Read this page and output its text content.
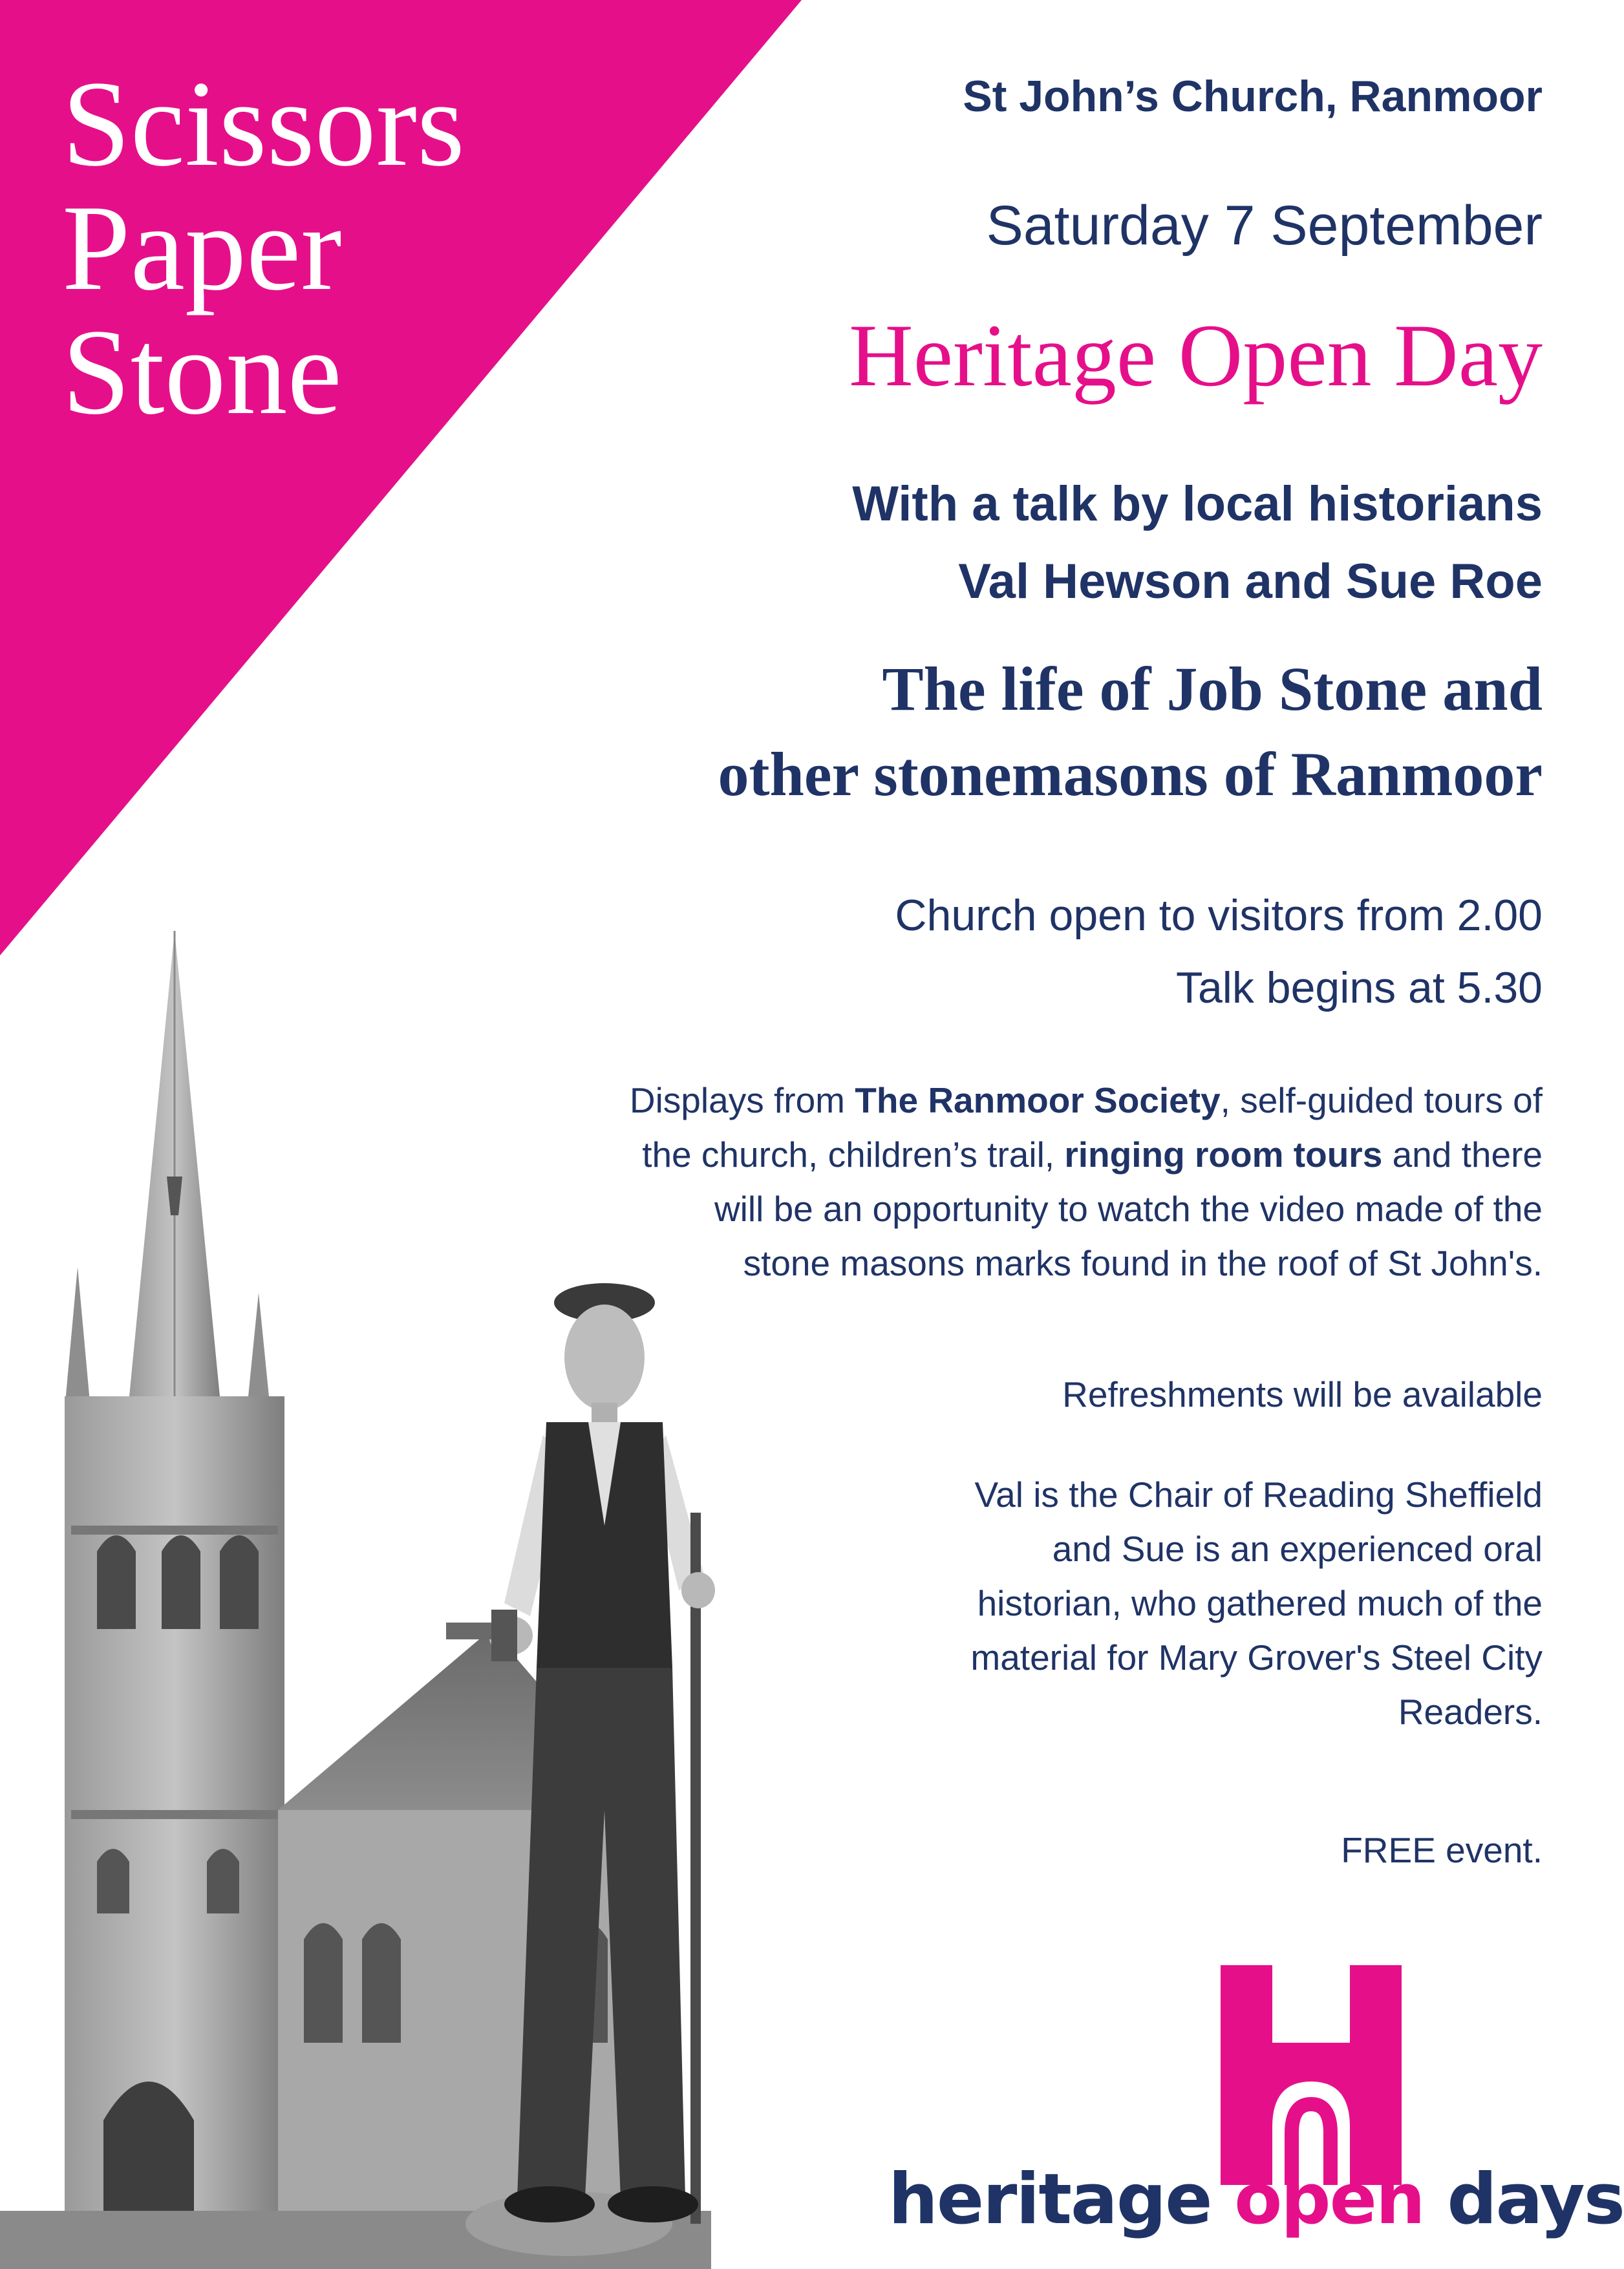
Scissors
Paper
Stone
St John’s Church, Ranmoor
Saturday 7 September
Heritage Open Day
With a talk by local historians
Val Hewson and Sue Roe
The life of Job Stone and
other stonemasons of Ranmoor
Church open to visitors from 2.00
Talk begins at 5.30
Displays from The Ranmoor Society, self-guided tours of
the church, children’s trail, ringing room tours and there
will be an opportunity to watch the video made of the
stone masons marks found in the roof of St John's.
Refreshments will be available
Val is the Chair of Reading Sheffield
and Sue is an experienced oral
historian, who gathered much of the
material for Mary Grover's Steel City
Readers.
FREE event.
heritage open days
